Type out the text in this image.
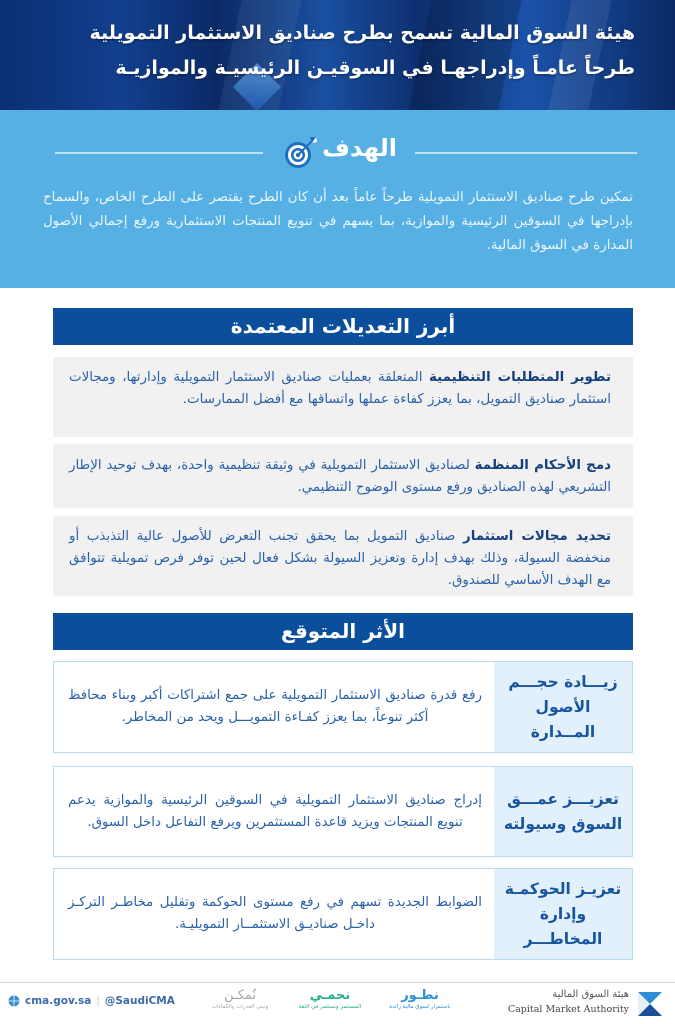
هيئة السوق المالية تسمح بطرح صناديق الاستثمار التمويلية
طرحاً عامـاً وإدراجهـا في السوقيـن الرئيسيـة والموازيـة
الهدف
تمكين طرح صناديق الاستثمار التمويلية طرحاً عاماً بعد أن كان الطرح يقتصر على الطرح الخاص، والسماح بإدراجها في السوقين الرئيسية والموازية، بما يسهم في تنويع المنتجات الاستثمارية ورفع إجمالي الأصول المدارة في السوق المالية.
أبرز التعديلات المعتمدة
تطوير المتطلبات التنظيمية المتعلقة بعمليات صناديق الاستثمار التمويلية وإدارتها، ومجالات استثمار صناديق التمويل، بما يعزز كفاءة عملها واتساقها مع أفضل الممارسات.
دمج الأحكام المنظمة لصناديق الاستثمار التمويلية في وثيقة تنظيمية واحدة، بهدف توحيد الإطار التشريعي لهذه الصناديق ورفع مستوى الوضوح التنظيمي.
تحديد مجالات استثمار صناديق التمويل بما يحقق تجنب التعرض للأصول عالية التذبذب أو منخفضة السيولة، وذلك بهدف إدارة وتعزيز السيولة بشكل فعال لحين توفر فرص تمويلية تتوافق مع الهدف الأساسي للصندوق.
الأثر المتوقع
زيـــادة حجـــم الأصول المــدارة
رفع قدرة صناديق الاستثمار التمويلية على جمع اشتراكات أكبر وبناء محافظ أكثر تنوعاً، بما يعزز كفـاءة التمويـــل ويحد من المخاطر.
تعزيـــز عمـــق السوق وسيولته
إدراج صناديق الاستثمار التمويلية في السوقين الرئيسية والموازية يدعم تنويع المنتجات ويزيد قاعدة المستثمرين ويرفع التفاعل داخل السوق.
تعزيـز الحوكمـة وإدارة المخاطـــر
الضوابط الجديدة تسهم في رفع مستوى الحوكمة وتقليل مخاطـر التركـز داخـل صناديـق الاستثمــار التمويليـة.
هيئة السوق المالية
Capital Market Authority
نطـور
باستمرار لسوق مالية رائدة
نحمـي
المستثمر ونستثمر في الثقة
نُمكـن
ونبني القدرات والكفاءات
cma.gov.sa | @SaudiCMA
